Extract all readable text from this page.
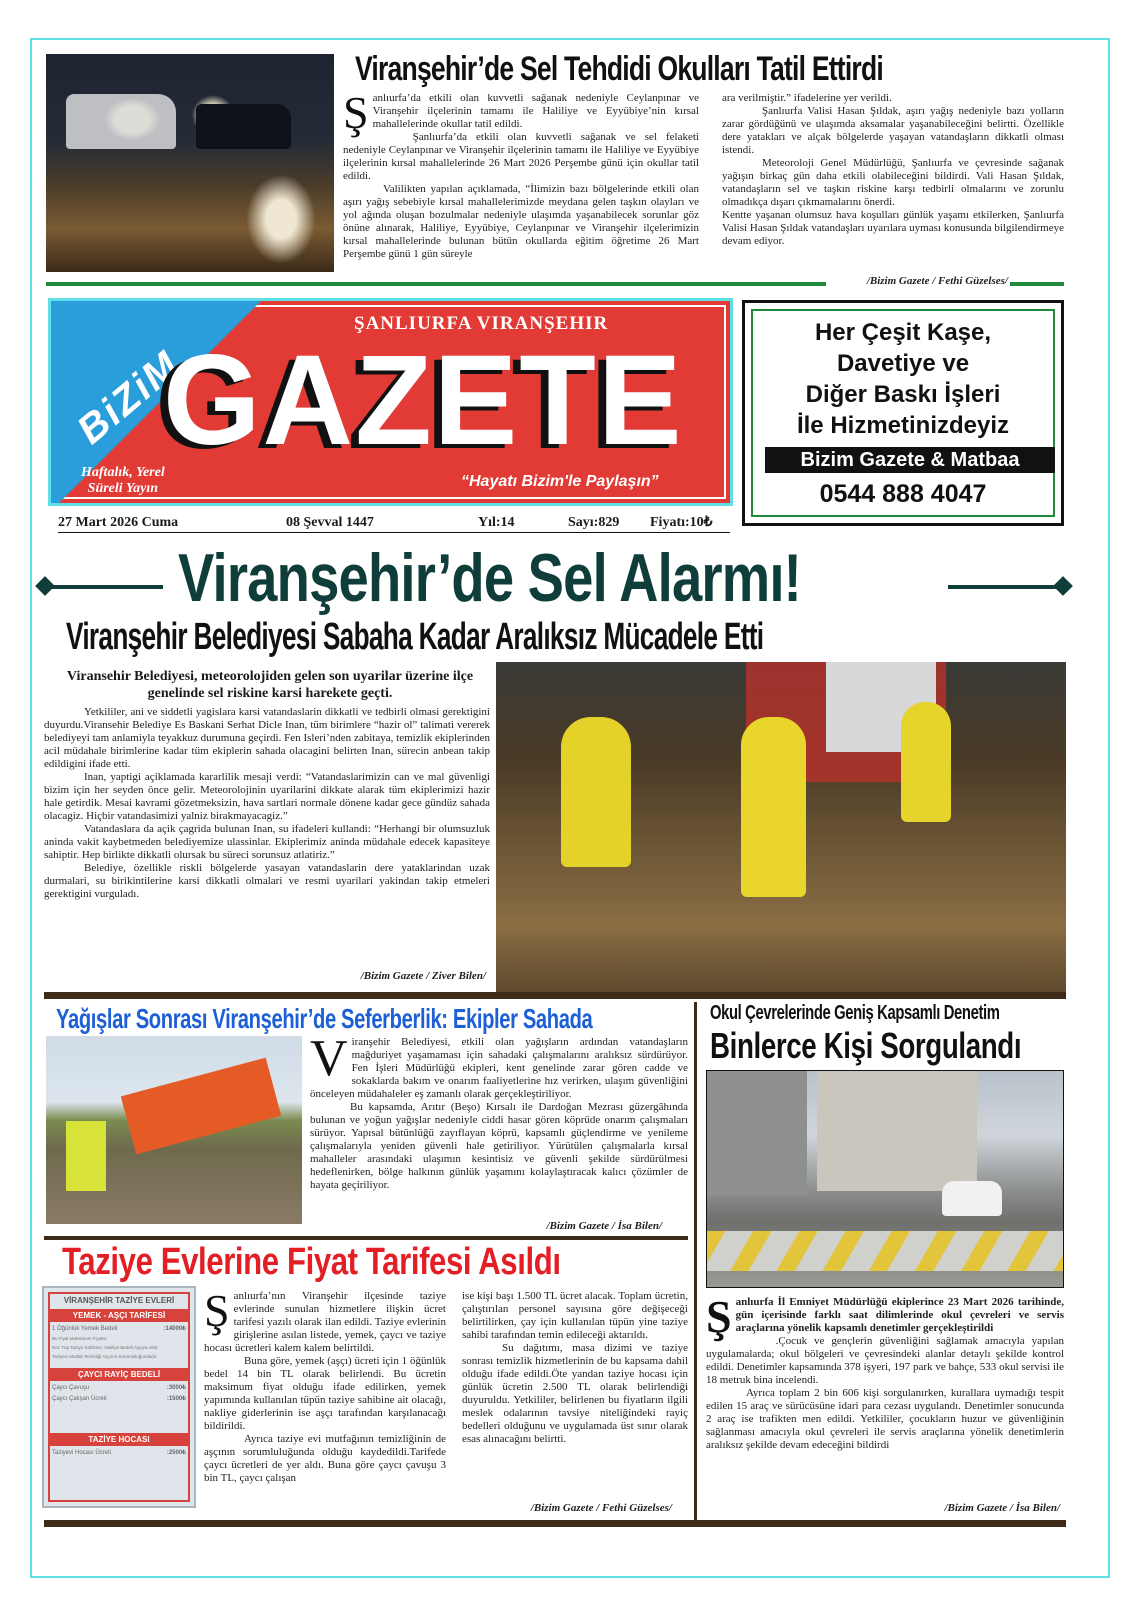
Viranşehir’de Sel Tehdidi Okulları Tatil Ettirdi

Şanlıurfa’da etkili olan kuvvetli sağanak nedeniyle Ceylanpınar ve Viranşehir ilçelerinin tamamı ile Haliliye ve Eyyübiye’nin kırsal mahallelerinde okullar tatil edildi.

Şanlıurfa’da etkili olan kuvvetli sağanak ve sel felaketi nedeniyle Ceylanpınar ve Viranşehir ilçelerinin tamamı ile Haliliye ve Eyyübiye ilçelerinin kırsal mahallelerinde 26 Mart 2026 Perşembe günü için okullar tatil edildi.

Valilikten yapılan açıklamada, “İlimizin bazı bölgelerinde etkili olan aşırı yağış sebebiyle kırsal mahallelerimizde meydana gelen taşkın olayları ve yol ağında oluşan bozulmalar nedeniyle ulaşımda yaşanabilecek sorunlar göz önüne alınarak, Haliliye, Eyyübiye, Ceylanpınar ve Viranşehir ilçelerimizin kırsal mahallelerinde bulunan bütün okullarda eğitim öğretime 26 Mart Perşembe günü 1 gün süreyle

ara verilmiştir.” ifadelerine yer verildi.

Şanlıurfa Valisi Hasan Şıldak, aşırı yağış nedeniyle bazı yolların zarar gördüğünü ve ulaşımda aksamalar yaşanabileceğini belirtti. Özellikle dere yatakları ve alçak bölgelerde yaşayan vatandaşların dikkatli olması istendi.

Meteoroloji Genel Müdürlüğü, Şanlıurfa ve çevresinde sağanak yağışın birkaç gün daha etkili olabileceğini bildirdi. Vali Hasan Şıldak, vatandaşların sel ve taşkın riskine karşı tedbirli olmalarını ve zorunlu olmadıkça dışarı çıkmamalarını önerdi.

Kentte yaşanan olumsuz hava koşulları günlük yaşamı etkilerken, Şanlıurfa Valisi Hasan Şıldak vatandaşları uyarılara uyması konusunda bilgilendirmeye devam ediyor.

/Bizim Gazete / Fethi Güzelses/
BiZiM
ŞANLIURFA VIRANŞEHIR
GAZETE
Haftalık, Yerel
Süreli Yayın	“Hayatı Bizim'le Paylaşın”
27 Mart 2026 Cuma	08 Şevval 1447	Yıl:14	Sayı:829 Fiyatı:10₺
Her Çeşit Kaşe,
Davetiye ve
Diğer Baskı İşleri
İle Hizmetinizdeyiz
Bizim Gazete & Matbaa
0544 888 4047
Viranşehir’de Sel Alarmı!
Viranşehir Belediyesi Sabaha Kadar Aralıksız Mücadele Etti
Viransehir Belediyesi, meteorolojiden gelen son uyarilar üzerine ilçe genelinde sel riskine karsi harekete geçti.

Yetkililer, ani ve siddetli yagislara karsi vatandaslarin dikkatli ve tedbirli olmasi gerektigini duyurdu.Viransehir Belediye Es Baskani Serhat Dicle Inan, tüm birimlere “hazir ol” talimati vererek belediyeyi tam anlamiyla teyakkuz durumuna geçirdi. Fen Isleri’nden zabitaya, temizlik ekiplerinden acil müdahale birimlerine kadar tüm ekiplerin sahada olacagini belirten Inan, sürecin anbean takip edildigini ifade etti.

Inan, yaptigi açiklamada kararlilik mesaji verdi: “Vatandaslarimizin can ve mal güvenligi bizim için her seyden önce gelir. Meteorolojinin uyarilarini dikkate alarak tüm ekiplerimizi hazir hale getirdik. Mesai kavrami gözetmeksizin, hava sartlari normale dönene kadar gece gündüz sahada olacagiz. Hiçbir vatandasimizi yalniz birakmayacagiz.”

Vatandaslara da açik çagrida bulunan Inan, su ifadeleri kullandi: “Herhangi bir olumsuzluk aninda vakit kaybetmeden belediyemize ulassinlar. Ekiplerimiz aninda müdahale edecek kapasiteye sahiptir. Hep birlikte dikkatli olursak bu süreci sorunsuz atlatiriz.”

Belediye, özellikle riskli bölgelerde yasayan vatandaslarin dere yataklarindan uzak durmalari, su birikintilerine karsi dikkatli olmalari ve resmi uyarilari yakindan takip etmeleri gerektigini vurguladı.

/Bizim Gazete / Ziver Bilen/
Yağışlar Sonrası Viranşehir’de Seferberlik: Ekipler Sahada

Viranşehir Belediyesi, etkili olan yağışların ardından vatandaşların mağduriyet yaşamaması için sahadaki çalışmalarını aralıksız sürdürüyor. Fen İşleri Müdürlüğü ekipleri, kent genelinde zarar gören cadde ve sokaklarda bakım ve onarım faaliyetlerine hız verirken, ulaşım güvenliğini önceleyen müdahaleler eş zamanlı olarak gerçekleştiriliyor.

Bu kapsamda, Arıtır (Beşo) Kırsalı ile Dardoğan Mezrası güzergâhında bulunan ve yoğun yağışlar nedeniyle ciddi hasar gören köprüde onarım çalışmaları sürüyor. Yapısal bütünlüğü zayıflayan köprü, kapsamlı güçlendirme ve yenileme çalışmalarıyla yeniden güvenli hale getiriliyor. Yürütülen çalışmalarla kırsal mahalleler arasındaki ulaşımın kesintisiz ve güvenli şekilde sürdürülmesi hedeflenirken, bölge halkının günlük yaşamını kolaylaştıracak kalıcı çözümler de hayata geçiriliyor.

/Bizim Gazete / İsa Bilen/
Taziye Evlerine Fiyat Tarifesi Asıldı
VİRANŞEHİR TAZİYE EVLERİ
YEMEK - AŞÇI TARİFESİ
1 Öğünlük Yemek Bedeli	:14000₺
Bu Fiyat Maksimum Fiyattır.
Not: Tüp Taziye Sahibine, Nakliye Bedeli Aşçıya Aittir.
Taziyevi Mutfak Temizliği Aşçının Sorumluluğundadır.
ÇAYCI RAYİÇ BEDELİ
Çaycı Çavuşu	:3000₺
Çaycı Çalışan Ücreti	:1500₺
TAZİYE HOCASI
Taziyevi Hocası Ücreti	:2500₺

Şanlıurfa’nın Viranşehir ilçesinde taziye evlerinde sunulan hizmetlere ilişkin ücret tarifesi yazılı olarak ilan edildi. Taziye evlerinin girişlerine asılan listede, yemek, çaycı ve taziye hocası ücretleri kalem kalem belirtildi.

Buna göre, yemek (aşçı) ücreti için 1 öğünlük bedel 14 bin TL olarak belirlendi. Bu ücretin maksimum fiyat olduğu ifade edilirken, yemek yapımında kullanılan tüpün taziye sahibine ait olacağı, nakliye giderlerinin ise aşçı tarafından karşılanacağı bildirildi.

Ayrıca taziye evi mutfağının temizliğinin de aşçının sorumluluğunda olduğu kaydedildi.Tarifede çaycı ücretleri de yer aldı. Buna göre çaycı çavuşu 3 bin TL, çaycı çalışan

ise kişi başı 1.500 TL ücret alacak. Toplam ücretin, çalıştırılan personel sayısına göre değişeceği belirtilirken, çay için kullanılan tüpün yine taziye sahibi tarafından temin edileceği aktarıldı.

Su dağıtımı, masa dizimi ve taziye sonrası temizlik hizmetlerinin de bu kapsama dahil olduğu ifade edildi.Öte yandan taziye hocası için günlük ücretin 2.500 TL olarak belirlendiği duyuruldu. Yetkililer, belirlenen bu fiyatların ilgili meslek odalarının tavsiye niteliğindeki rayiç bedelleri olduğunu ve uygulamada üst sınır olarak esas alınacağını belirtti.

/Bizim Gazete / Fethi Güzelses/
Okul Çevrelerinde Geniş Kapsamlı Denetim
Binlerce Kişi Sorgulandı

Şanlıurfa İl Emniyet Müdürlüğü ekiplerince 23 Mart 2026 tarihinde, gün içerisinde farklı saat dilimlerinde okul çevreleri ve servis araçlarına yönelik kapsamlı denetimler gerçekleştirildi

.Çocuk ve gençlerin güvenliğini sağlamak amacıyla yapılan uygulamalarda; okul bölgeleri ve çevresindeki alanlar detaylı şekilde kontrol edildi. Denetimler kapsamında 378 işyeri, 197 park ve bahçe, 533 okul servisi ile 18 metruk bina incelendi.

Ayrıca toplam 2 bin 606 kişi sorgulanırken, kurallara uymadığı tespit edilen 15 araç ve sürücüsüne idari para cezası uygulandı. Denetimler sonucunda 2 araç ise trafikten men edildi. Yetkililer, çocukların huzur ve güvenliğinin sağlanması amacıyla okul çevreleri ile servis araçlarına yönelik denetimlerin aralıksız şekilde devam edeceğini bildirdi

/Bizim Gazete / İsa Bilen/
